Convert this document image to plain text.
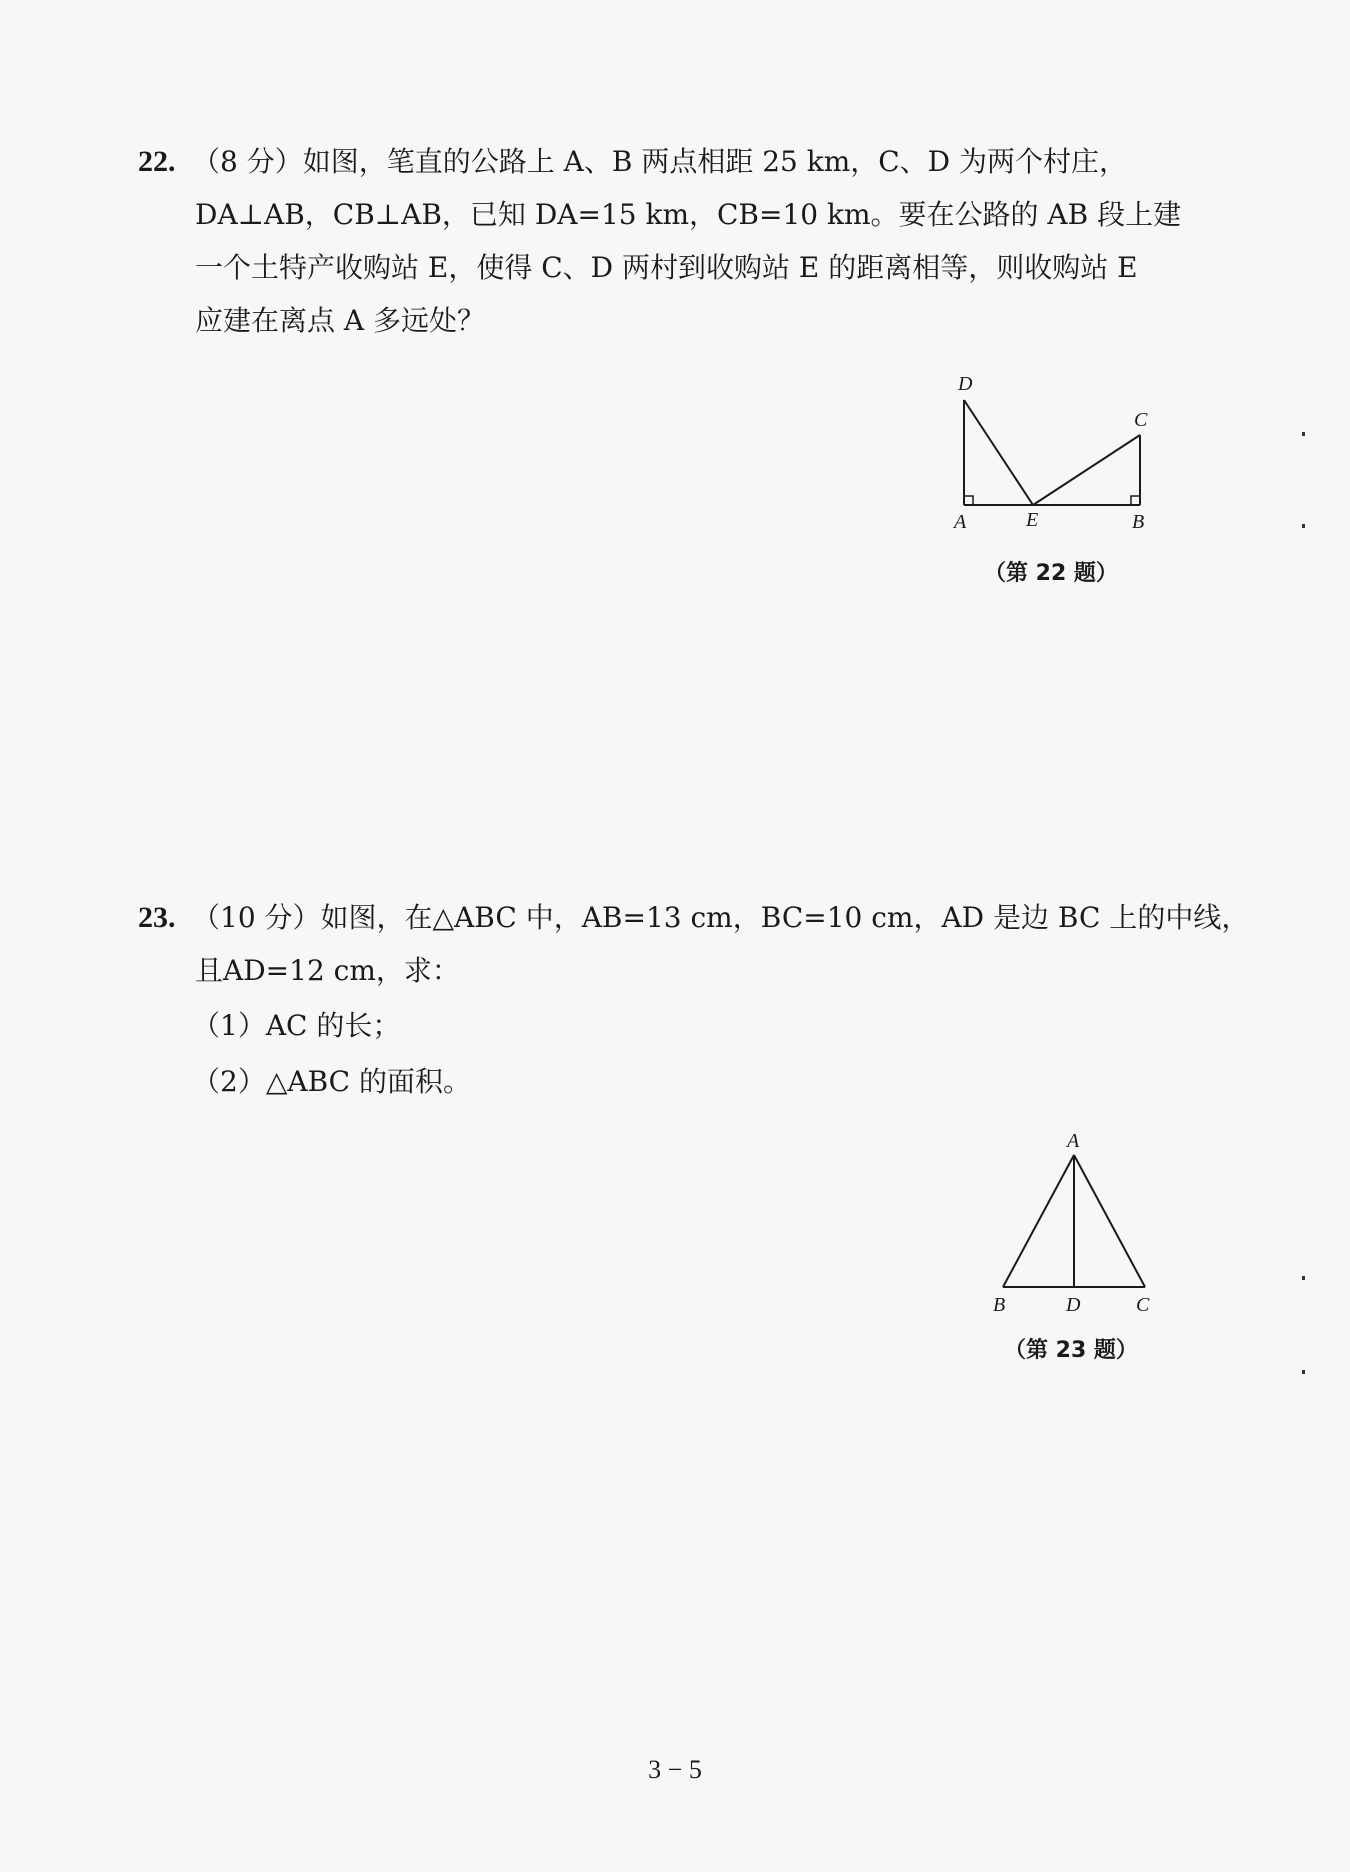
22. （8 分）如图，笔直的公路上 A、B 两点相距 25 km，C、D 为两个村庄，
DA⊥AB，CB⊥AB，已知 DA=15 km，CB=10 km。要在公路的 AB 段上建
一个土特产收购站 E，使得 C、D 两村到收购站 E 的距离相等，则收购站 E
应建在离点 A 多远处？
D
C
A	E	B
（第 22 题）
23. （10 分）如图，在△ABC 中，AB=13 cm，BC=10 cm，AD 是边 BC 上的中线，
且AD=12 cm，求：
（1）AC 的长；
（2）△ABC 的面积。
A
B	D	C
（第 23 题）
3 − 5
